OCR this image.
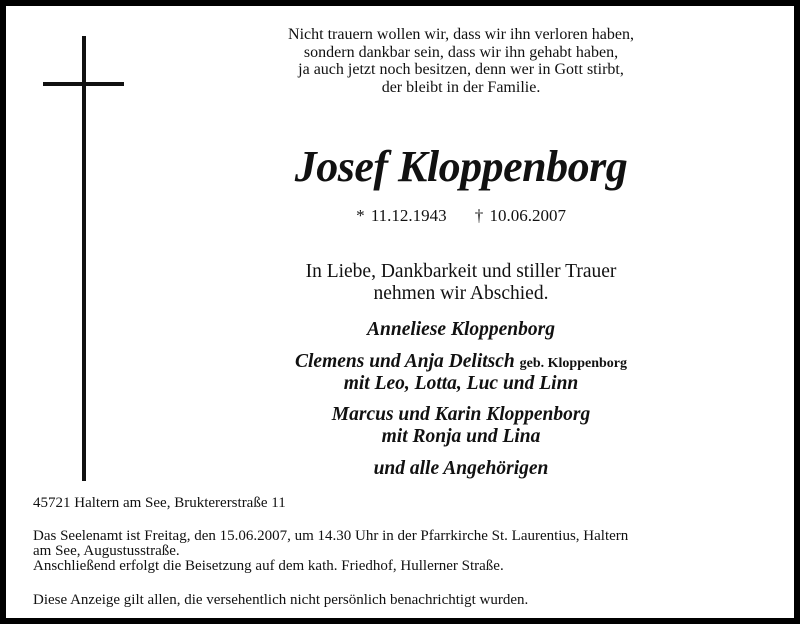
Nicht trauern wollen wir, dass wir ihn verloren haben,
sondern dankbar sein, dass wir ihn gehabt haben,
ja auch jetzt noch besitzen, denn wer in Gott stirbt,
der bleibt in der Familie.
Josef Kloppenborg
* 11.12.1943 † 10.06.2007
In Liebe, Dankbarkeit und stiller Trauer
nehmen wir Abschied.
Anneliese Kloppenborg
Clemens und Anja Delitsch geb. Kloppenborg
mit Leo, Lotta, Luc und Linn
Marcus und Karin Kloppenborg
mit Ronja und Lina
und alle Angehörigen
45721 Haltern am See, Bruktererstraße 11
Das Seelenamt ist Freitag, den 15.06.2007, um 14.30 Uhr in der Pfarrkirche St. Laurentius, Haltern
am See, Augustusstraße.
Anschließend erfolgt die Beisetzung auf dem kath. Friedhof, Hullerner Straße.
Diese Anzeige gilt allen, die versehentlich nicht persönlich benachrichtigt wurden.
